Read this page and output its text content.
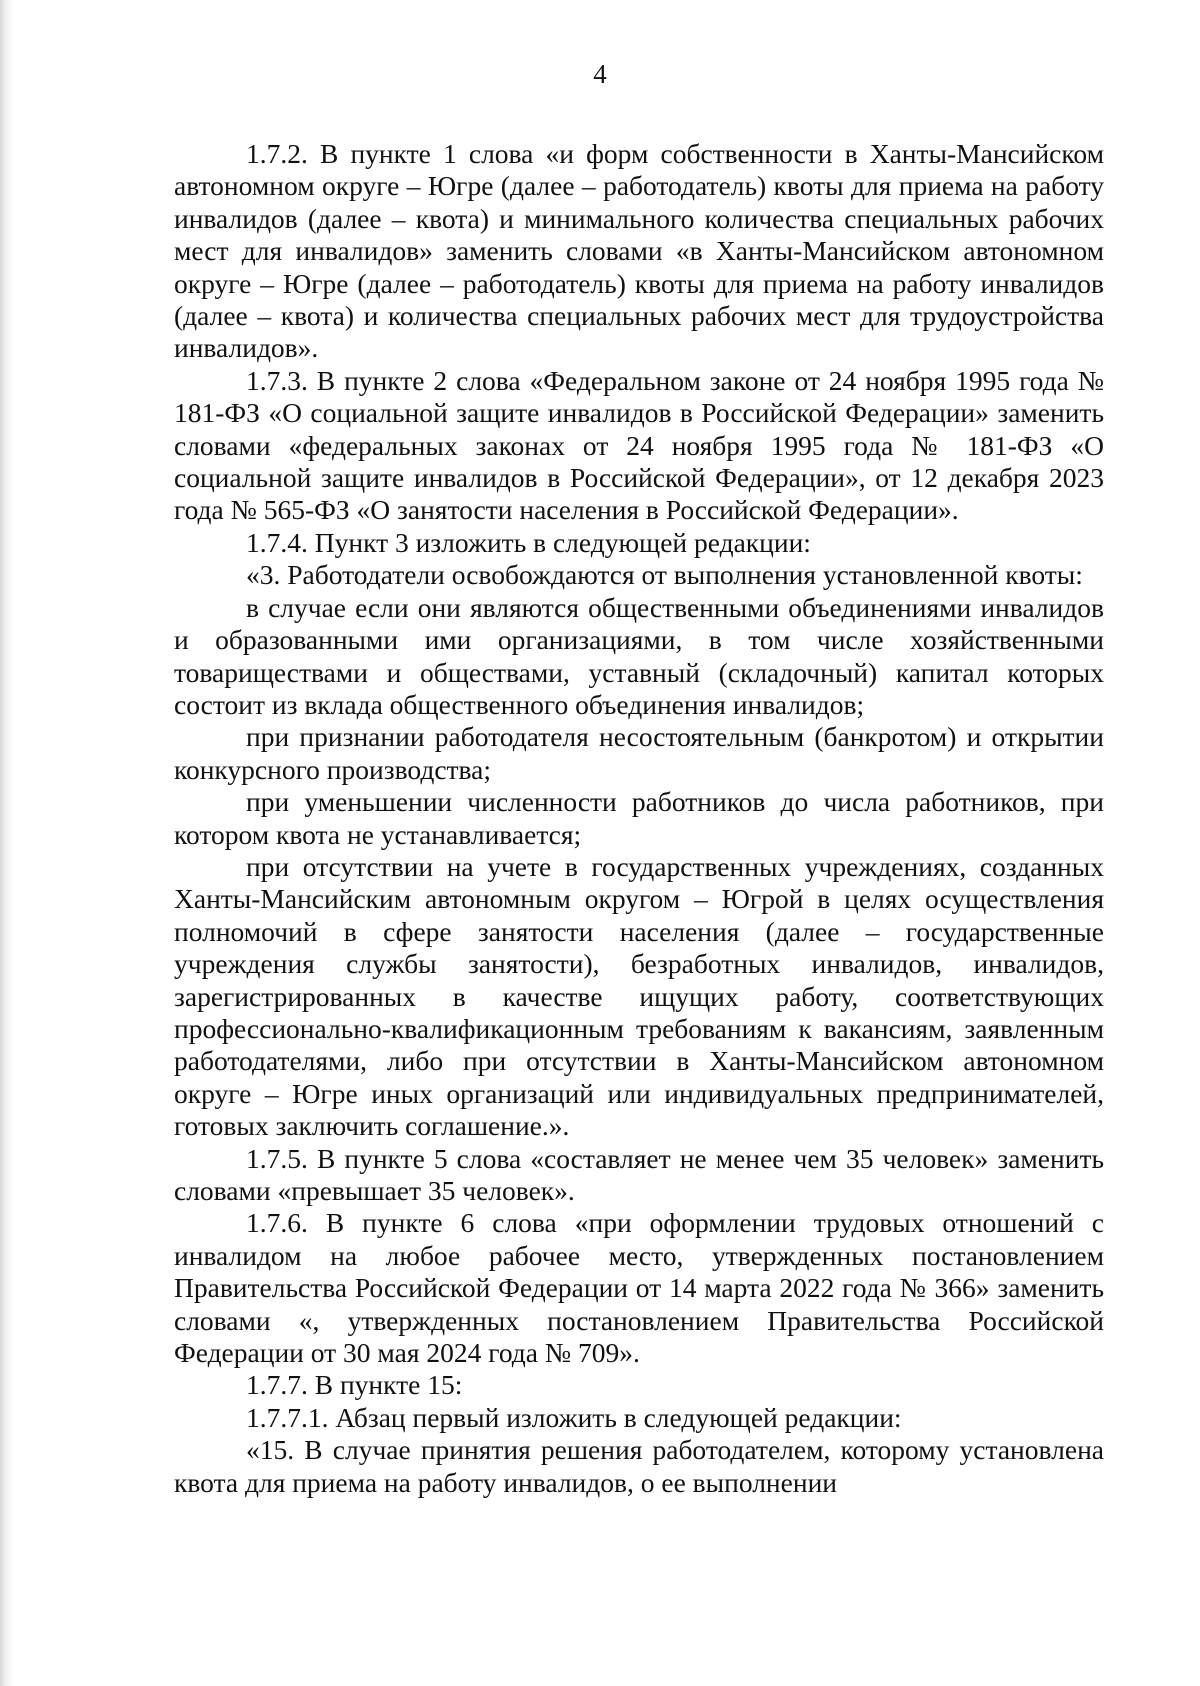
4

1.7.2. В пункте 1 слова «и форм собственности в Ханты-Мансийском автономном округе – Югре (далее – работодатель) квоты для приема на работу инвалидов (далее – квота) и минимального количества специальных рабочих мест для инвалидов» заменить словами «в Ханты-Мансийском автономном округе – Югре (далее – работодатель) квоты для приема на работу инвалидов (далее – квота) и количества специальных рабочих мест для трудоустройства инвалидов».

1.7.3. В пункте 2 слова «Федеральном законе от 24 ноября 1995 года № 181-ФЗ «О социальной защите инвалидов в Российской Федерации» заменить словами «федеральных законах от 24 ноября 1995 года № 181-ФЗ «О социальной защите инвалидов в Российской Федерации», от 12 декабря 2023 года № 565-ФЗ «О занятости населения в Российской Федерации».

1.7.4. Пункт 3 изложить в следующей редакции:

«3. Работодатели освобождаются от выполнения установленной квоты:

в случае если они являются общественными объединениями инвалидов и образованными ими организациями, в том числе хозяйственными товариществами и обществами, уставный (складочный) капитал которых состоит из вклада общественного объединения инвалидов;

при признании работодателя несостоятельным (банкротом) и открытии конкурсного производства;

при уменьшении численности работников до числа работников, при котором квота не устанавливается;

при отсутствии на учете в государственных учреждениях, созданных Ханты-Мансийским автономным округом – Югрой в целях осуществления полномочий в сфере занятости населения (далее – государственные учреждения службы занятости), безработных инвалидов, инвалидов, зарегистрированных в качестве ищущих работу, соответствующих профессионально-квалификационным требованиям к вакансиям, заявленным работодателями, либо при отсутствии в Ханты-Мансийском автономном округе – Югре иных организаций или индивидуальных предпринимателей, готовых заключить соглашение.».

1.7.5. В пункте 5 слова «составляет не менее чем 35 человек» заменить словами «превышает 35 человек».

1.7.6. В пункте 6 слова «при оформлении трудовых отношений с инвалидом на любое рабочее место, утвержденных постановлением Правительства Российской Федерации от 14 марта 2022 года № 366» заменить словами «, утвержденных постановлением Правительства Российской Федерации от 30 мая 2024 года № 709».

1.7.7. В пункте 15:

1.7.7.1. Абзац первый изложить в следующей редакции:

«15. В случае принятия решения работодателем, которому установлена квота для приема на работу инвалидов, о ее выполнении
